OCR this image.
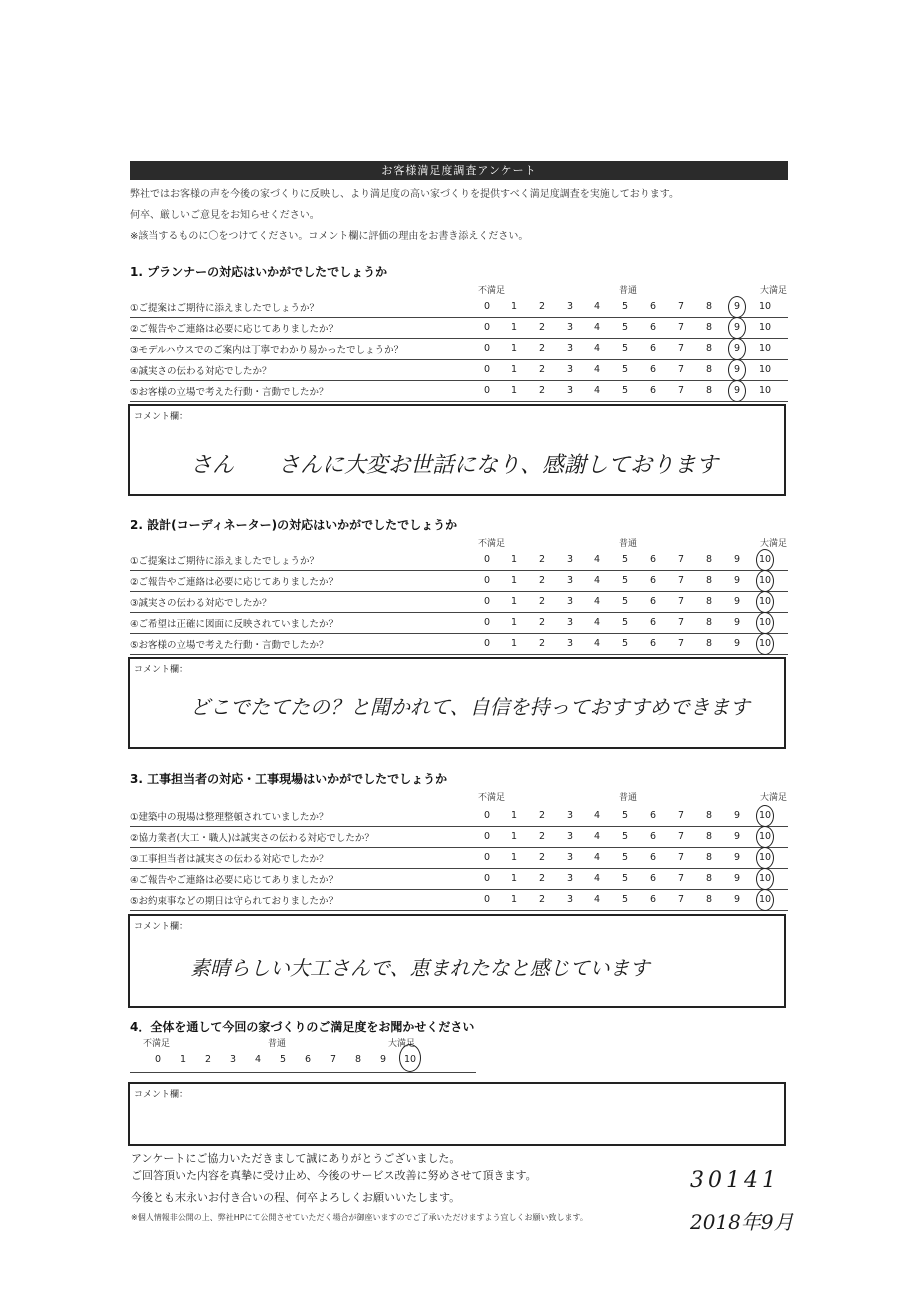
お客様満足度調査アンケート
弊社ではお客様の声を今後の家づくりに反映し、より満足度の高い家づくりを提供すべく満足度調査を実施しております。
何卒、厳しいご意見をお知らせください。
※該当するものに〇をつけてください。コメント欄に評価の理由をお書き添えください。
1. プランナーの対応はいかがでしたでしょうか
不満足	普通	大満足
①ご提案はご期待に添えましたでしょうか？	0	1	2	3	4	5	6	7	8	9	10
②ご報告やご連絡は必要に応じてありましたか？	0	1	2	3	4	5	6	7	8	9	10
③モデルハウスでのご案内は丁寧でわかり易かったでしょうか？	0	1	2	3	4	5	6	7	8	9	10
④誠実さの伝わる対応でしたか？	0	1	2	3	4	5	6	7	8	9	10
⑤お客様の立場で考えた行動・言動でしたか？	0	1	2	3	4	5	6	7	8	9	10
コメント欄：
さん　　さんに大変お世話になり、感謝しております
2. 設計(コーディネーター)の対応はいかがでしたでしょうか
不満足	普通	大満足
①ご提案はご期待に添えましたでしょうか？	0	1	2	3	4	5	6	7	8	9	10
②ご報告やご連絡は必要に応じてありましたか？	0	1	2	3	4	5	6	7	8	9	10
③誠実さの伝わる対応でしたか？	0	1	2	3	4	5	6	7	8	9	10
④ご希望は正確に図面に反映されていましたか？	0	1	2	3	4	5	6	7	8	9	10
⑤お客様の立場で考えた行動・言動でしたか？	0	1	2	3	4	5	6	7	8	9	10
コメント欄：
どこでたてたの？と聞かれて、自信を持っておすすめできます
3. 工事担当者の対応・工事現場はいかがでしたでしょうか
不満足	普通	大満足
①建築中の現場は整理整頓されていましたか？	0	1	2	3	4	5	6	7	8	9	10
②協力業者(大工・職人)は誠実さの伝わる対応でしたか？	0	1	2	3	4	5	6	7	8	9	10
③工事担当者は誠実さの伝わる対応でしたか？	0	1	2	3	4	5	6	7	8	9	10
④ご報告やご連絡は必要に応じてありましたか？	0	1	2	3	4	5	6	7	8	9	10
⑤お約束事などの期日は守られておりましたか？	0	1	2	3	4	5	6	7	8	9	10
コメント欄：
素晴らしい大工さんで、恵まれたなと感じています
4．全体を通して今回の家づくりのご満足度をお聞かせください
不満足	普通	大満足
0	1	2	3	4	5	6	7	8	9	10
コメント欄：
アンケートにご協力いただきまして誠にありがとうございました。
ご回答頂いた内容を真摯に受け止め、今後のサービス改善に努めさせて頂きます。
今後とも末永いお付き合いの程、何卒よろしくお願いいたします。
※個人情報非公開の上、弊社HPにて公開させていただく場合が御座いますのでご了承いただけますよう宜しくお願い致します。
30141
2018年9月
